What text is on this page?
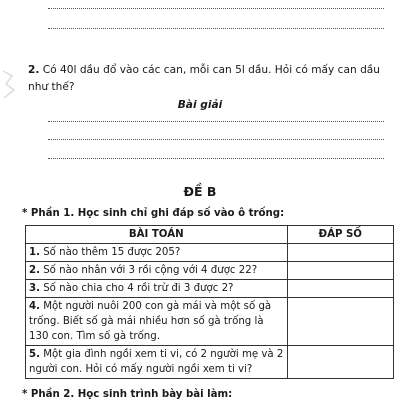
2. Có 40l dầu đổ vào các can, mỗi can 5l dầu. Hỏi có mấy can dầu như thế?
Bài giải
ĐỀ B
* Phần 1. Học sinh chỉ ghi đáp số vào ô trống:
BÀI TOÁN	ĐÁP SỐ
1. Số nào thêm 15 được 205?	
2. Số nào nhân với 3 rồi cộng với 4 được 22?	
3. Số nào chia cho 4 rồi trừ đi 3 được 2?	
4. Một người nuôi 200 con gà mái và một số gà trống. Biết số gà mái nhiều hơn số gà trống là 130 con. Tìm số gà trống.	
5. Một gia đình ngồi xem ti vi, có 2 người mẹ và 2 người con. Hỏi có mấy người ngồi xem ti vi?	
* Phần 2. Học sinh trình bày bài làm:
